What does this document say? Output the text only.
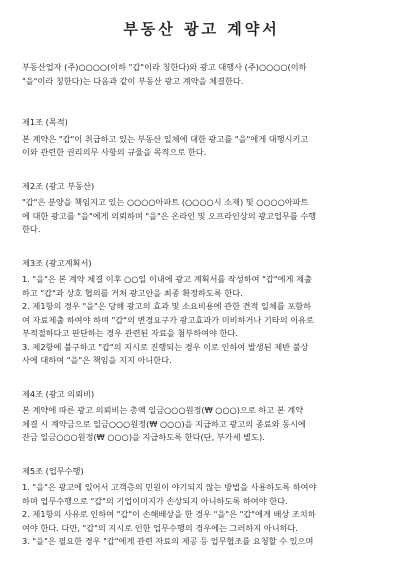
부동산 광고 계약서

부동산업자 (주)○○○○(이하 "갑"이라 칭한다)와 광고 대행사 (주)○○○○(이하

"을"이라 칭한다)는 다음과 같이 부동산 광고 계약을 체결한다.

제1조 (목적)

본 계약은 "갑"이 취급하고 있는 부동산 일체에 대한 광고를 "을"에게 대행시키고

이와 관련한 권리의무 사항의 규율을 목적으로 한다.

제2조 (광고 부동산)

"갑"은 분양을 책임지고 있는 ○○○○아파트 (○○○○시 소재) 및 ○○○○아파트

에 대한 광고를 "을"에게 의뢰하며 "을"은 온라인 및 오프라인상의 광고업무를 수행

한다.

제3조 (광고계획서)

1. "을"은 본 계약 체결 이후 ○○일 이내에 광고 계획서를 작성하여 "갑"에게 제출

하고 "갑"과 상호 협의를 거쳐 광고안을 최종 확정하도록 한다.

2. 제1항의 경우 "을"은 당해 광고의 효과 및 소요비용에 관한 견적 일체를 포함하

여 자료제출 하여야 하며 "갑"의 변경요구가 광고효과가 미비하거나 기타의 이유로

부적절하다고 판단하는 경우 관련된 자료을 첨부하여야 한다.

3. 제2항에 불구하고 "갑"의 지시로 진행되는 경우 이로 인하여 발생된 제반 불상

사에 대하여 "을"은 책임을 지지 아니한다.

제4조 (광고 의뢰비)

본 계약에 따른 광고 의뢰비는 총액 일금○○○원정(₩ ○○○)으로 하고 본 계약

체결 시 계약금으로 일금○○○원정(₩ ○○○)을 지급하고 광고의 종료와 동시에

잔금 일금○○○원정(₩ ○○○)을 지급하도록 한다(단, 부가세 별도).

제5조 (업무수행)

1. "을"은 광고에 있어서 고객층의 민원이 야기되지 않는 방법을 사용하도록 하여야

하며 업무수행으로 "갑"의 기업이미지가 손상되지 아니하도록 하여야 한다.

2. 제1항의 사유로 인하여 "갑"이 손해배상을 한 경우 "을"은 "갑"에게 배상 조치하

여야 한다. 다만, "갑"의 지시로 인한 업무수행의 경우에는 그러하지 아니하다.

3. "을"은 필요한 경우 "갑"에게 관련 자료의 제공 등 업무협조를 요청할 수 있으며
